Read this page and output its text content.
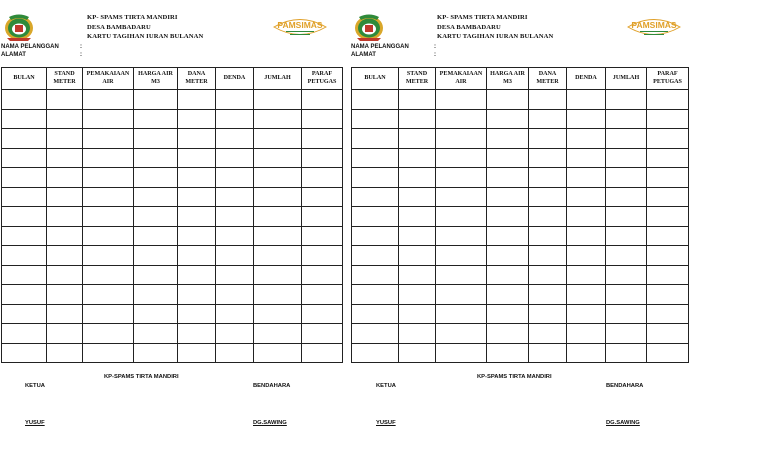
KP- SPAMS TIRTA MANDIRI
DESA BAMBADARU
KARTU TAGIHAN IURAN BULANAN
PAMSIMAS
NAMA PELANGGAN	:
ALAMAT	:
BULAN	STAND METER	PEMAKAIAAN AIR	HARGA AIR M3	DANA METER	DENDA	JUMLAH	PARAF PETUGAS

KP-SPAMS TIRTA MANDIRI
KETUA	BENDAHARA
YUSUF	DG.SAWING
KP- SPAMS TIRTA MANDIRI
DESA BAMBADARU
KARTU TAGIHAN IURAN BULANAN
PAMSIMAS
NAMA PELANGGAN	:
ALAMAT	:
BULAN	STAND METER	PEMAKAIAAN AIR	HARGA AIR M3	DANA METER	DENDA	JUMLAH	PARAF PETUGAS

KP-SPAMS TIRTA MANDIRI
KETUA	BENDAHARA
YUSUF	DG.SAWING
